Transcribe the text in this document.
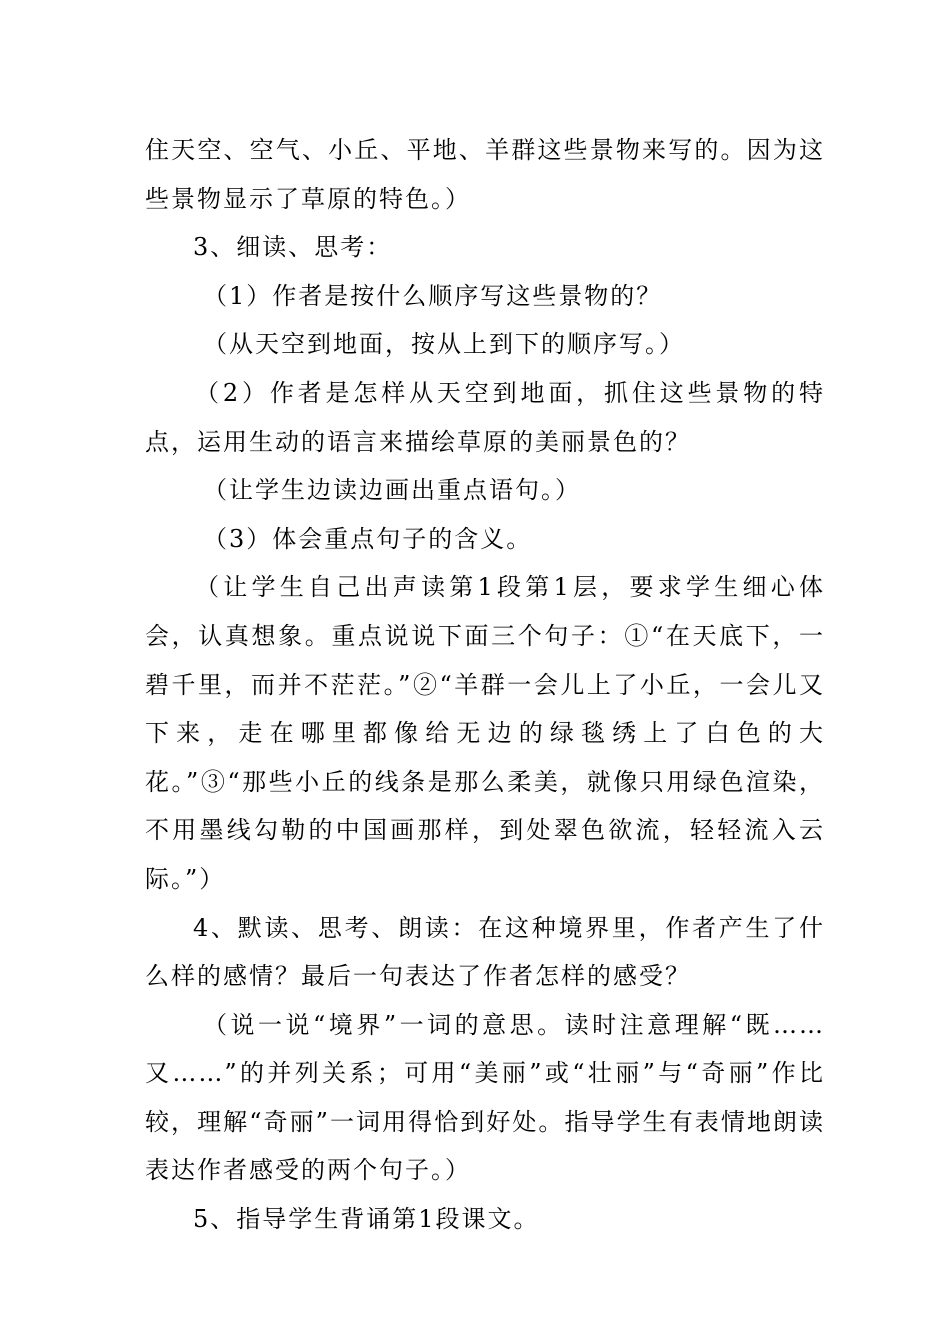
住天空、空气、小丘、平地、羊群这些景物来写的。因为这些景物显示了草原的特色。）

3、细读、思考：

（1）作者是按什么顺序写这些景物的？

（从天空到地面，按从上到下的顺序写。）

（2）作者是怎样从天空到地面，抓住这些景物的特点，运用生动的语言来描绘草原的美丽景色的？

（让学生边读边画出重点语句。）

（3）体会重点句子的含义。

（让学生自己出声读第1段第1层，要求学生细心体会，认真想象。重点说说下面三个句子：①“在天底下，一碧千里，而并不茫茫。”②“羊群一会儿上了小丘，一会儿又下来，走在哪里都像给无边的绿毯绣上了白色的大花。”③“那些小丘的线条是那么柔美，就像只用绿色渲染，不用墨线勾勒的中国画那样，到处翠色欲流，轻轻流入云际。”）

4、默读、思考、朗读：在这种境界里，作者产生了什么样的感情？最后一句表达了作者怎样的感受？

（说一说“境界”一词的意思。读时注意理解“既……又……”的并列关系；可用“美丽”或“壮丽”与“奇丽”作比较，理解“奇丽”一词用得恰到好处。指导学生有表情地朗读表达作者感受的两个句子。）

5、指导学生背诵第1段课文。
